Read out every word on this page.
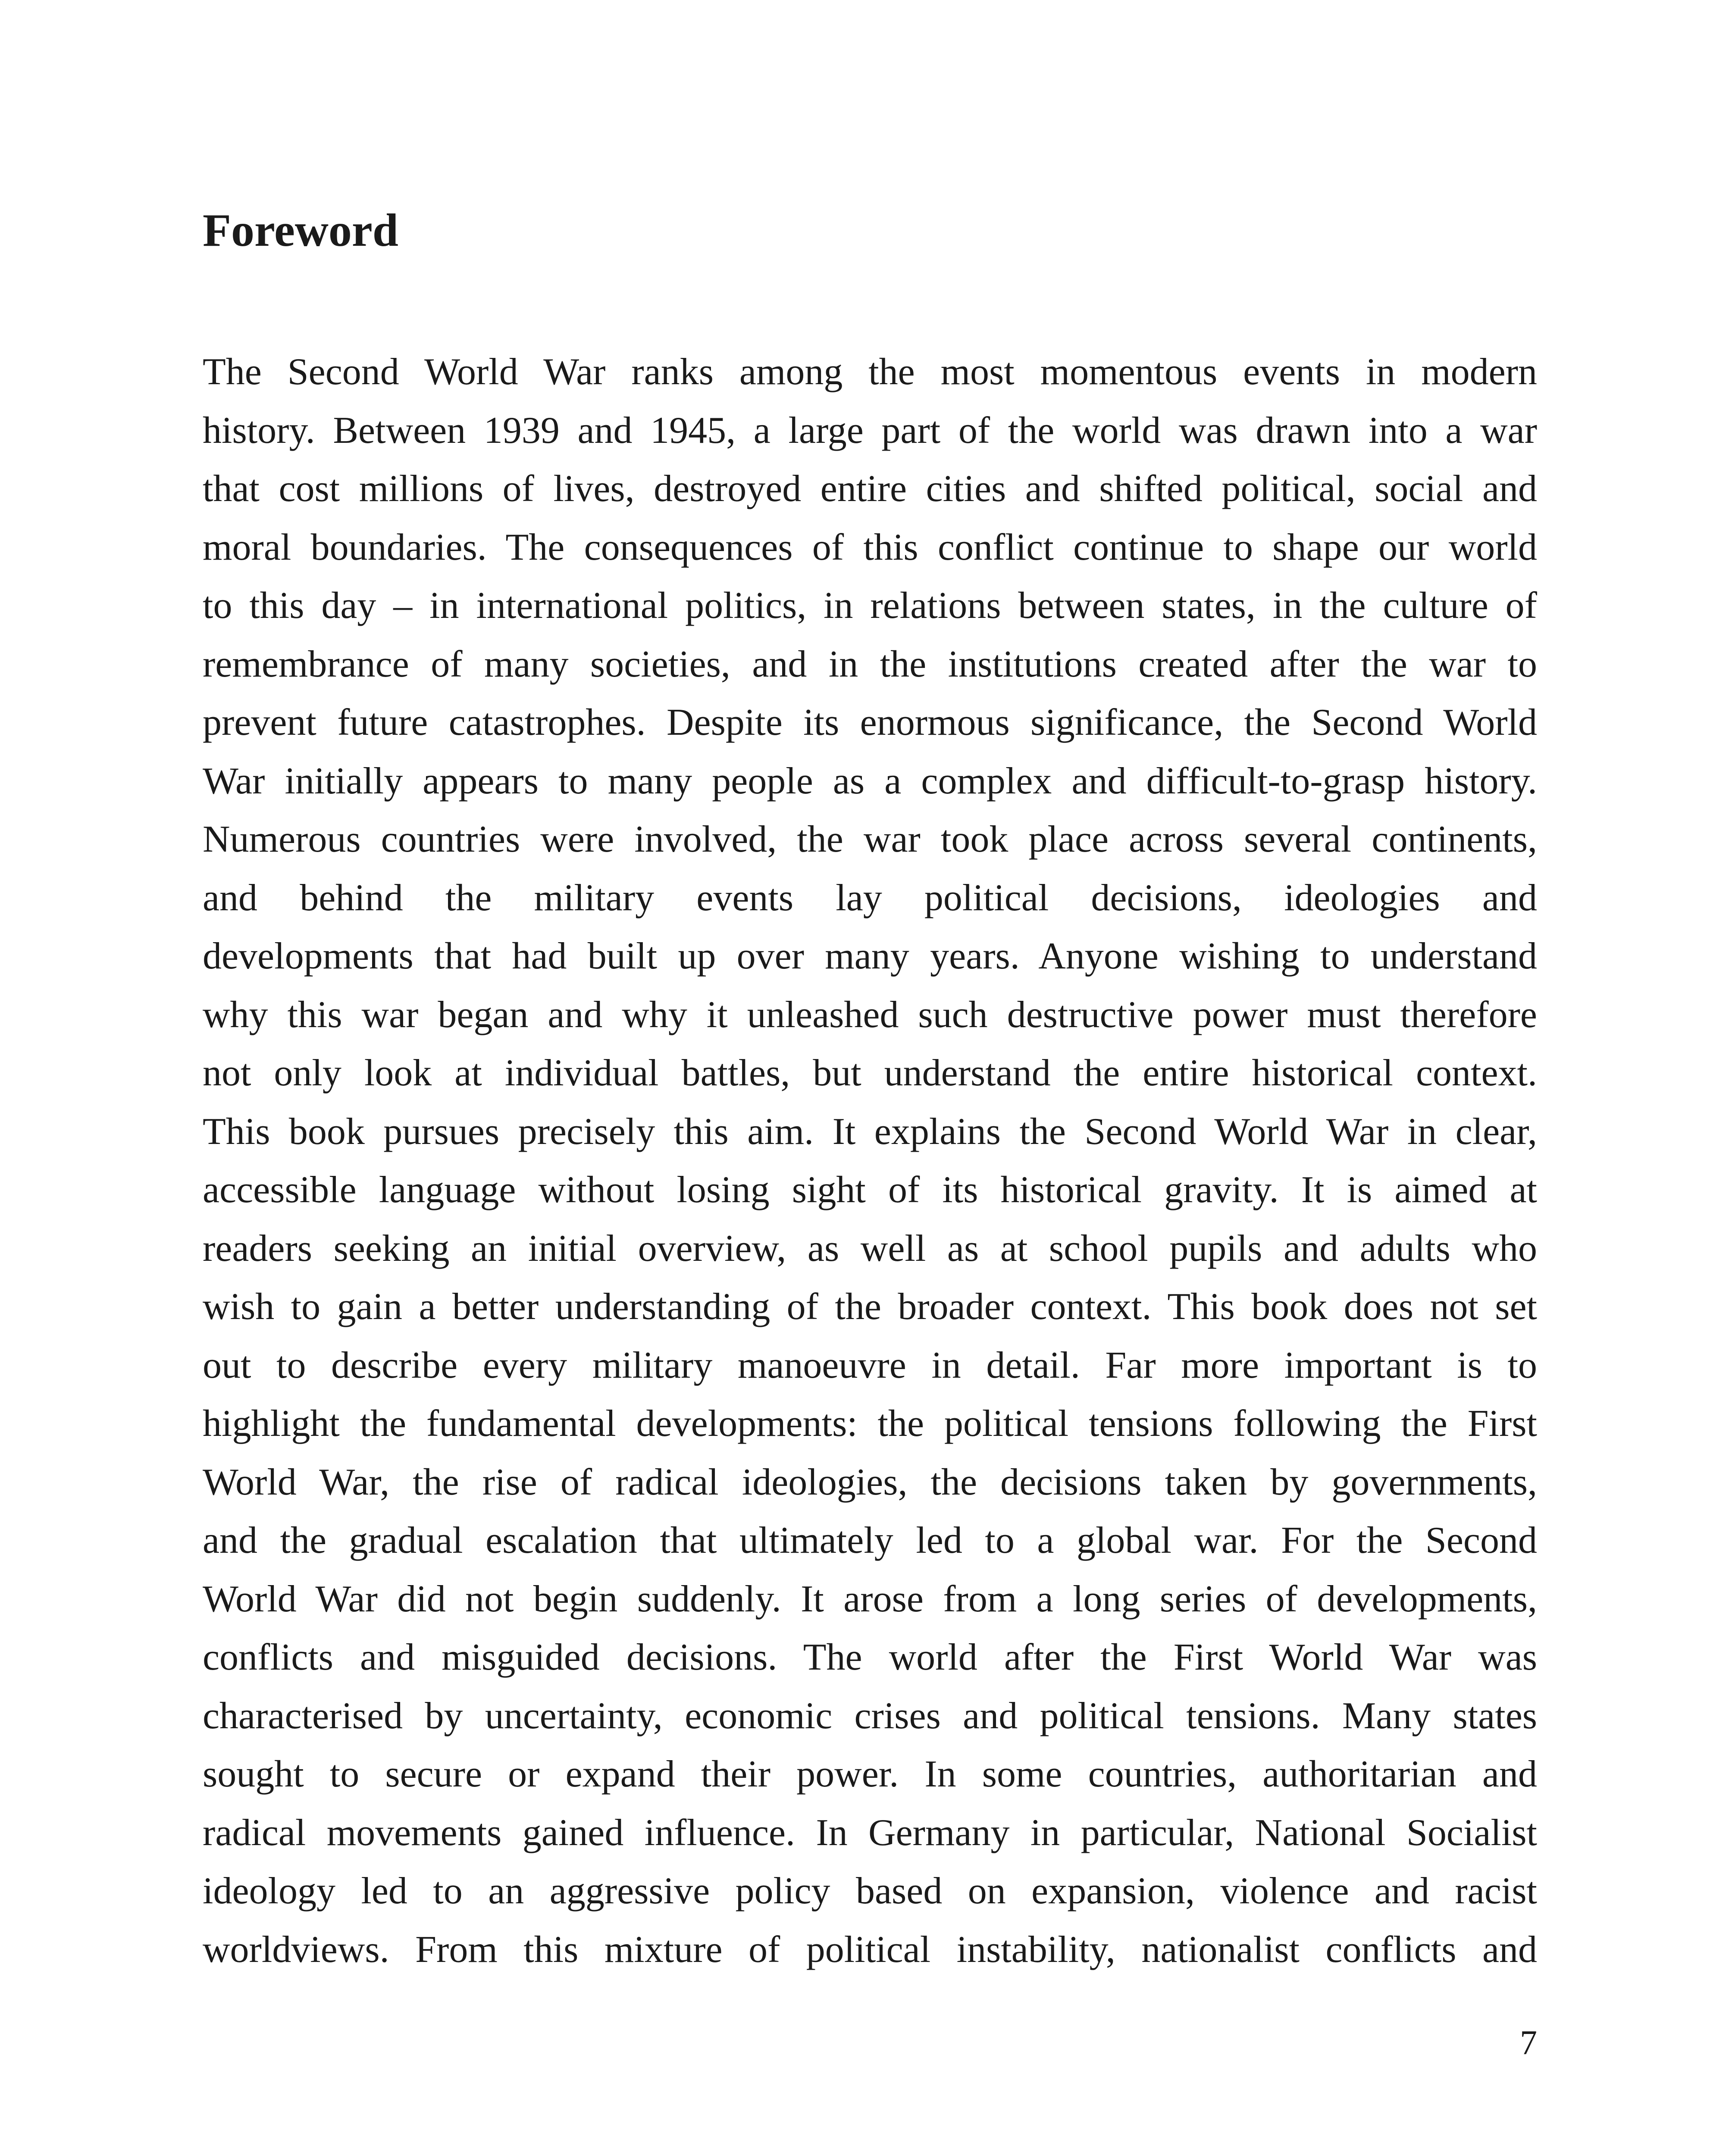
Foreword
The Second World War ranks among the most momentous events in modern
history. Between 1939 and 1945, a large part of the world was drawn into a war
that cost millions of lives, destroyed entire cities and shifted political, social and
moral boundaries. The consequences of this conflict continue to shape our world
to this day – in international politics, in relations between states, in the culture of
remembrance of many societies, and in the institutions created after the war to
prevent future catastrophes. Despite its enormous significance, the Second World
War initially appears to many people as a complex and difficult-to-grasp history.
Numerous countries were involved, the war took place across several continents,
and behind the military events lay political decisions, ideologies and
developments that had built up over many years. Anyone wishing to understand
why this war began and why it unleashed such destructive power must therefore
not only look at individual battles, but understand the entire historical context.
This book pursues precisely this aim. It explains the Second World War in clear,
accessible language without losing sight of its historical gravity. It is aimed at
readers seeking an initial overview, as well as at school pupils and adults who
wish to gain a better understanding of the broader context. This book does not set
out to describe every military manoeuvre in detail. Far more important is to
highlight the fundamental developments: the political tensions following the First
World War, the rise of radical ideologies, the decisions taken by governments,
and the gradual escalation that ultimately led to a global war. For the Second
World War did not begin suddenly. It arose from a long series of developments,
conflicts and misguided decisions. The world after the First World War was
characterised by uncertainty, economic crises and political tensions. Many states
sought to secure or expand their power. In some countries, authoritarian and
radical movements gained influence. In Germany in particular, National Socialist
ideology led to an aggressive policy based on expansion, violence and racist
worldviews. From this mixture of political instability, nationalist conflicts and
7
